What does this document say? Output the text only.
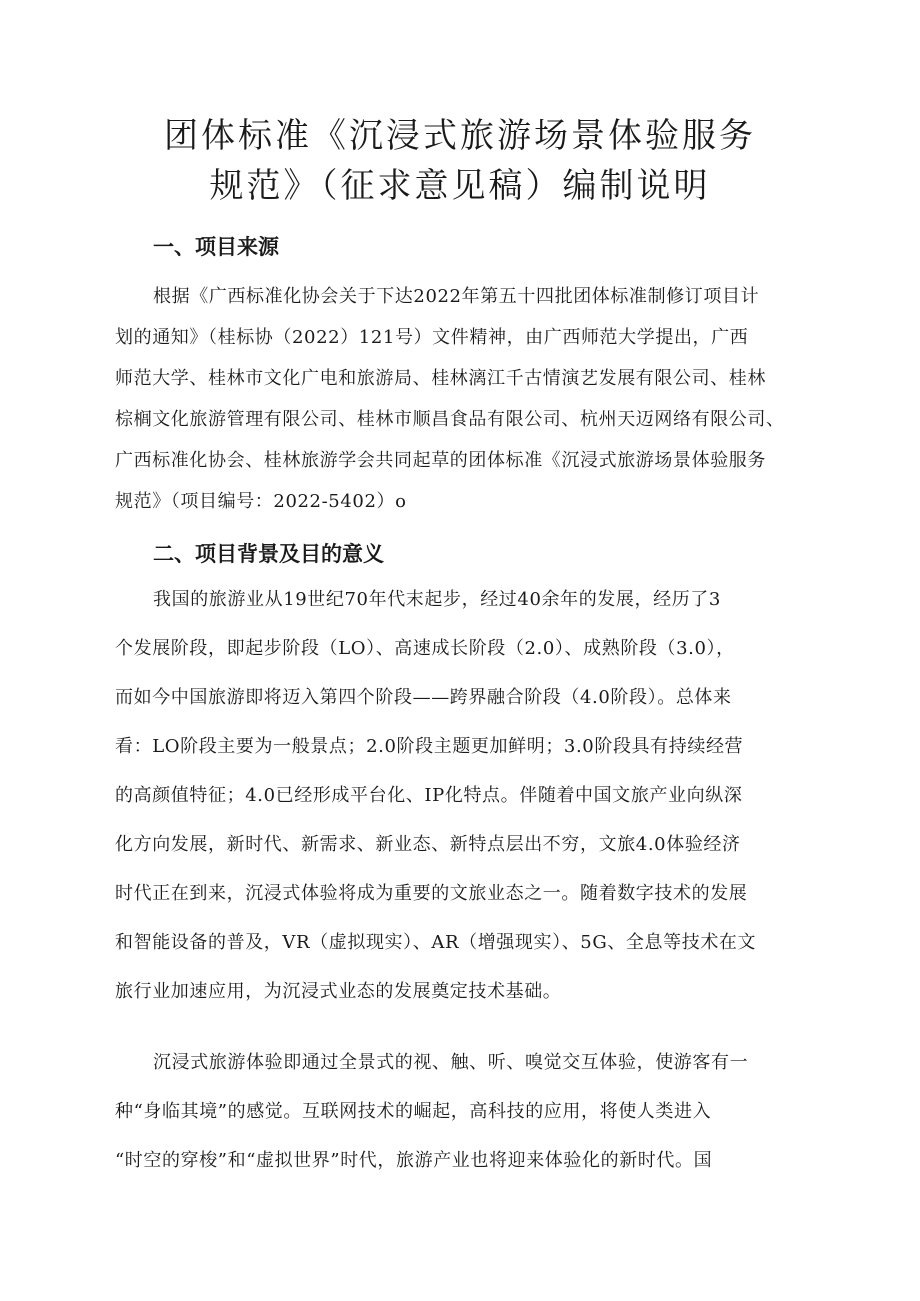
团体标准《沉浸式旅游场景体验服务
规范》（征求意见稿）编制说明
一、项目来源
根据《广西标准化协会关于下达2022年第五十四批团体标准制修订项目计
划的通知》（桂标协（2022）121号）文件精神，由广西师范大学提出，广西
师范大学、桂林市文化广电和旅游局、桂林漓江千古情演艺发展有限公司、桂林
棕榈文化旅游管理有限公司、桂林市顺昌食品有限公司、杭州天迈网络有限公司、
广西标准化协会、桂林旅游学会共同起草的团体标准《沉浸式旅游场景体验服务
二、项目背景及目的意义
我国的旅游业从19世纪70年代末起步，经过40余年的发展，经历了3
个发展阶段，即起步阶段（LO）、高速成长阶段（2.0）、成熟阶段（3.0），
而如今中国旅游即将迈入第四个阶段——跨界融合阶段（4.0阶段）。总体来
看：LO阶段主要为一般景点；2.0阶段主题更加鲜明；3.0阶段具有持续经营
的高颜值特征；4.0已经形成平台化、IP化特点。伴随着中国文旅产业向纵深
化方向发展，新时代、新需求、新业态、新特点层出不穷，文旅4.0体验经济
时代正在到来，沉浸式体验将成为重要的文旅业态之一。随着数字技术的发展
和智能设备的普及，VR（虚拟现实）、AR（增强现实）、5G、全息等技术在文
旅行业加速应用，为沉浸式业态的发展奠定技术基础。
沉浸式旅游体验即通过全景式的视、触、听、嗅觉交互体验，使游客有一
种“身临其境”的感觉。互联网技术的崛起，高科技的应用，将使人类进入
“时空的穿梭”和“虚拟世界”时代，旅游产业也将迎来体验化的新时代。国
规范》（项目编号：2022-5402）o
